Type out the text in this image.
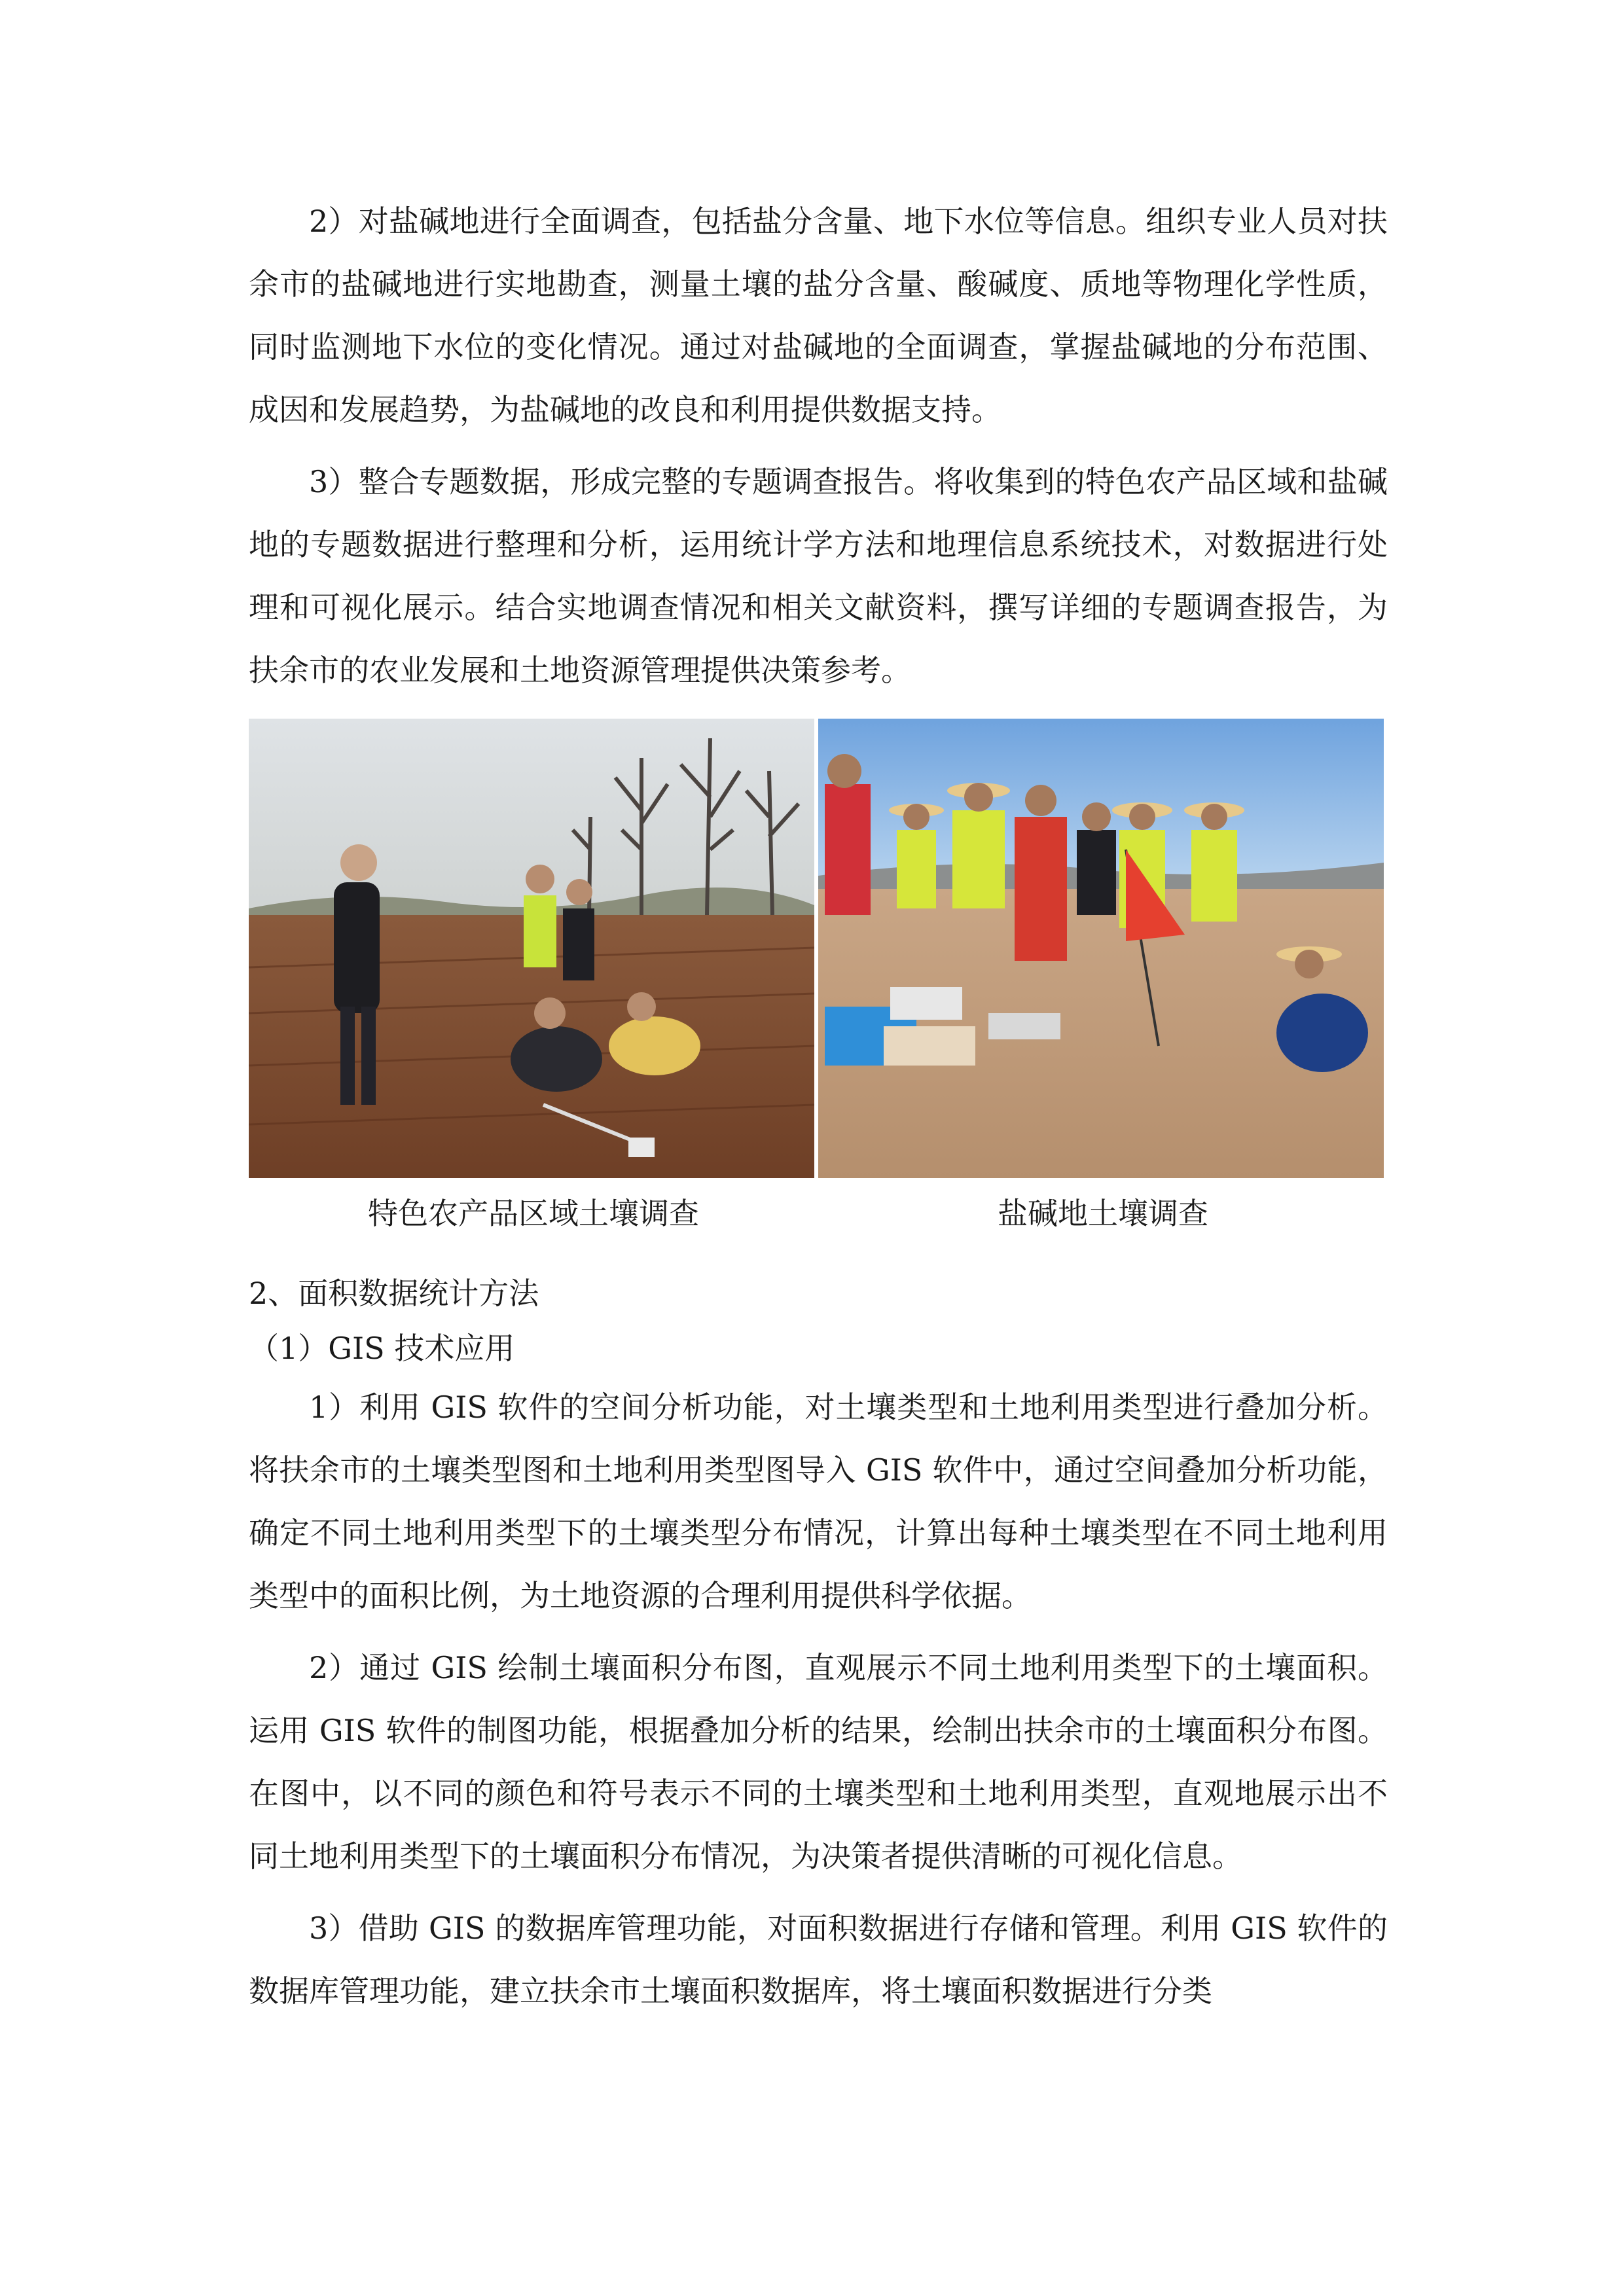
2）对盐碱地进行全面调查，包括盐分含量、地下水位等信息。组织专业人员对扶余市的盐碱地进行实地勘查，测量土壤的盐分含量、酸碱度、质地等物理化学性质，同时监测地下水位的变化情况。通过对盐碱地的全面调查，掌握盐碱地的分布范围、成因和发展趋势，为盐碱地的改良和利用提供数据支持。

3）整合专题数据，形成完整的专题调查报告。将收集到的特色农产品区域和盐碱地的专题数据进行整理和分析，运用统计学方法和地理信息系统技术，对数据进行处理和可视化展示。结合实地调查情况和相关文献资料，撰写详细的专题调查报告，为扶余市的农业发展和土地资源管理提供决策参考。

特色农产品区域土壤调查	盐碱地土壤调查

2、面积数据统计方法

（1）GIS 技术应用

1）利用 GIS 软件的空间分析功能，对土壤类型和土地利用类型进行叠加分析。将扶余市的土壤类型图和土地利用类型图导入 GIS 软件中，通过空间叠加分析功能，确定不同土地利用类型下的土壤类型分布情况，计算出每种土壤类型在不同土地利用类型中的面积比例，为土地资源的合理利用提供科学依据。

2）通过 GIS 绘制土壤面积分布图，直观展示不同土地利用类型下的土壤面积。运用 GIS 软件的制图功能，根据叠加分析的结果，绘制出扶余市的土壤面积分布图。在图中，以不同的颜色和符号表示不同的土壤类型和土地利用类型，直观地展示出不同土地利用类型下的土壤面积分布情况，为决策者提供清晰的可视化信息。

3）借助 GIS 的数据库管理功能，对面积数据进行存储和管理。利用 GIS 软件的数据库管理功能，建立扶余市土壤面积数据库，将土壤面积数据进行分类
